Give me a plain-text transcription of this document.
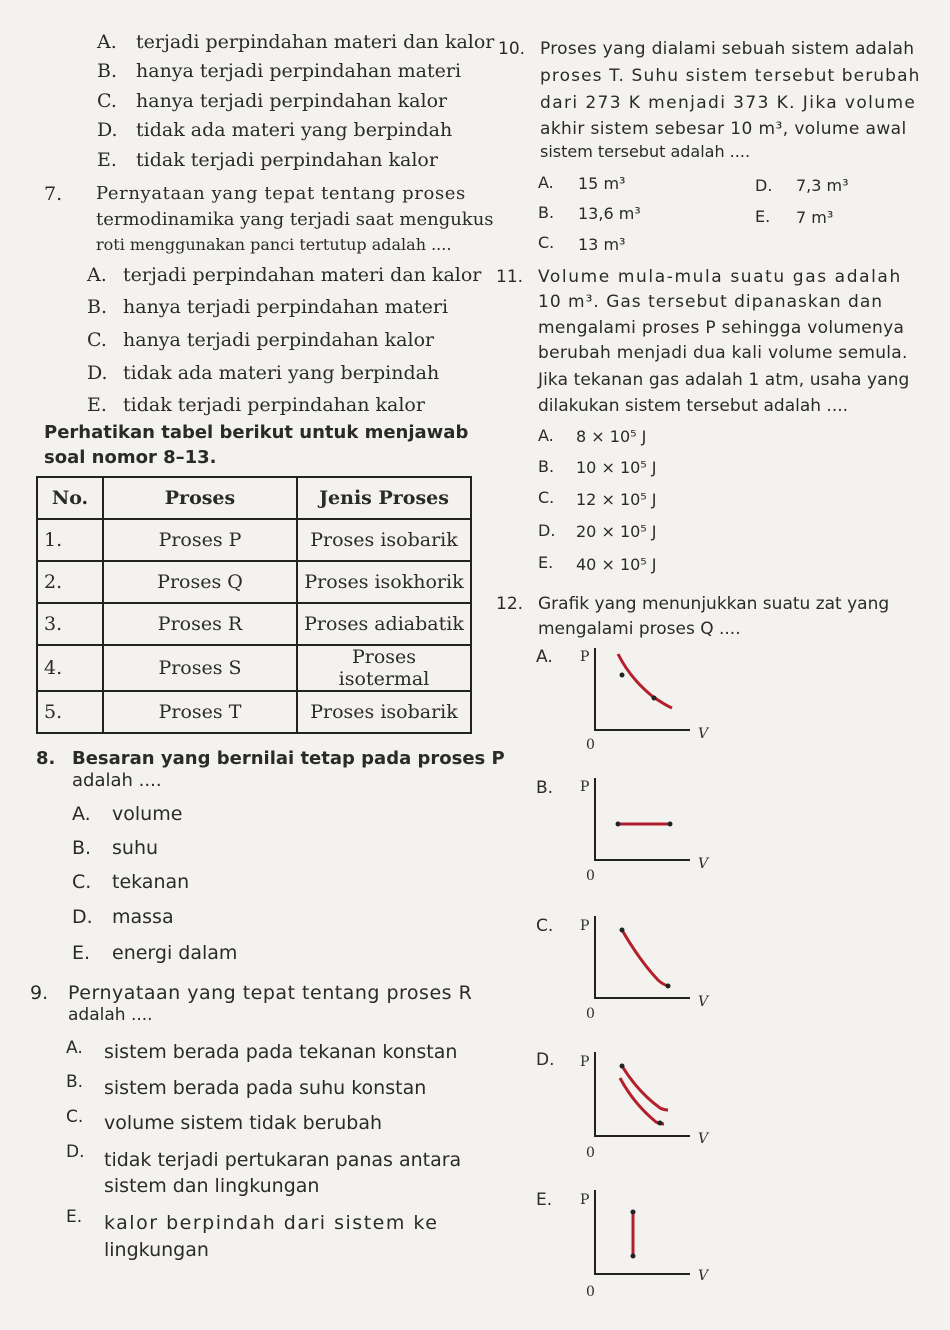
A. terjadi perpindahan materi dan kalor
B. hanya terjadi perpindahan materi
C. hanya terjadi perpindahan kalor
D. tidak ada materi yang berpindah
E. tidak terjadi perpindahan kalor
7. Pernyataan yang tepat tentang proses
termodinamika yang terjadi saat mengukus
roti menggunakan panci tertutup adalah ....
A. terjadi perpindahan materi dan kalor
B. hanya terjadi perpindahan materi
C. hanya terjadi perpindahan kalor
D. tidak ada materi yang berpindah
E. tidak terjadi perpindahan kalor
Perhatikan tabel berikut untuk menjawab
soal nomor 8–13.
No.	Proses	Jenis Proses
1.	Proses P	Proses isobarik
2.	Proses Q	Proses isokhorik
3.	Proses R	Proses adiabatik
4.	Proses S	Proses isotermal
5.	Proses T	Proses isobarik
8. Besaran yang bernilai tetap pada proses P
adalah ....
A. volume
B. suhu
C. tekanan
D. massa
E. energi dalam
9. Pernyataan yang tepat tentang proses R
adalah ....
A. sistem berada pada tekanan konstan
B. sistem berada pada suhu konstan
C. volume sistem tidak berubah
D. tidak terjadi pertukaran panas antara
sistem dan lingkungan
E. kalor berpindah dari sistem ke
lingkungan
10. Proses yang dialami sebuah sistem adalah
proses T. Suhu sistem tersebut berubah
dari 273 K menjadi 373 K. Jika volume
akhir sistem sebesar 10 m³, volume awal
sistem tersebut adalah ....
A. 15 m³
B. 13,6 m³
C. 13 m³
D. 7,3 m³
E. 7 m³
11. Volume mula-mula suatu gas adalah
10 m³. Gas tersebut dipanaskan dan
mengalami proses P sehingga volumenya
berubah menjadi dua kali volume semula.
Jika tekanan gas adalah 1 atm, usaha yang
dilakukan sistem tersebut adalah ....
A. 8 × 10⁵ J
B. 10 × 10⁵ J
C. 12 × 10⁵ J
D. 20 × 10⁵ J
E. 40 × 10⁵ J
12. Grafik yang menunjukkan suatu zat yang
mengalami proses Q ....
A. P
V
0
B. P
V
0
C. P
V
0
D. P
V
0
E. P
V
0
